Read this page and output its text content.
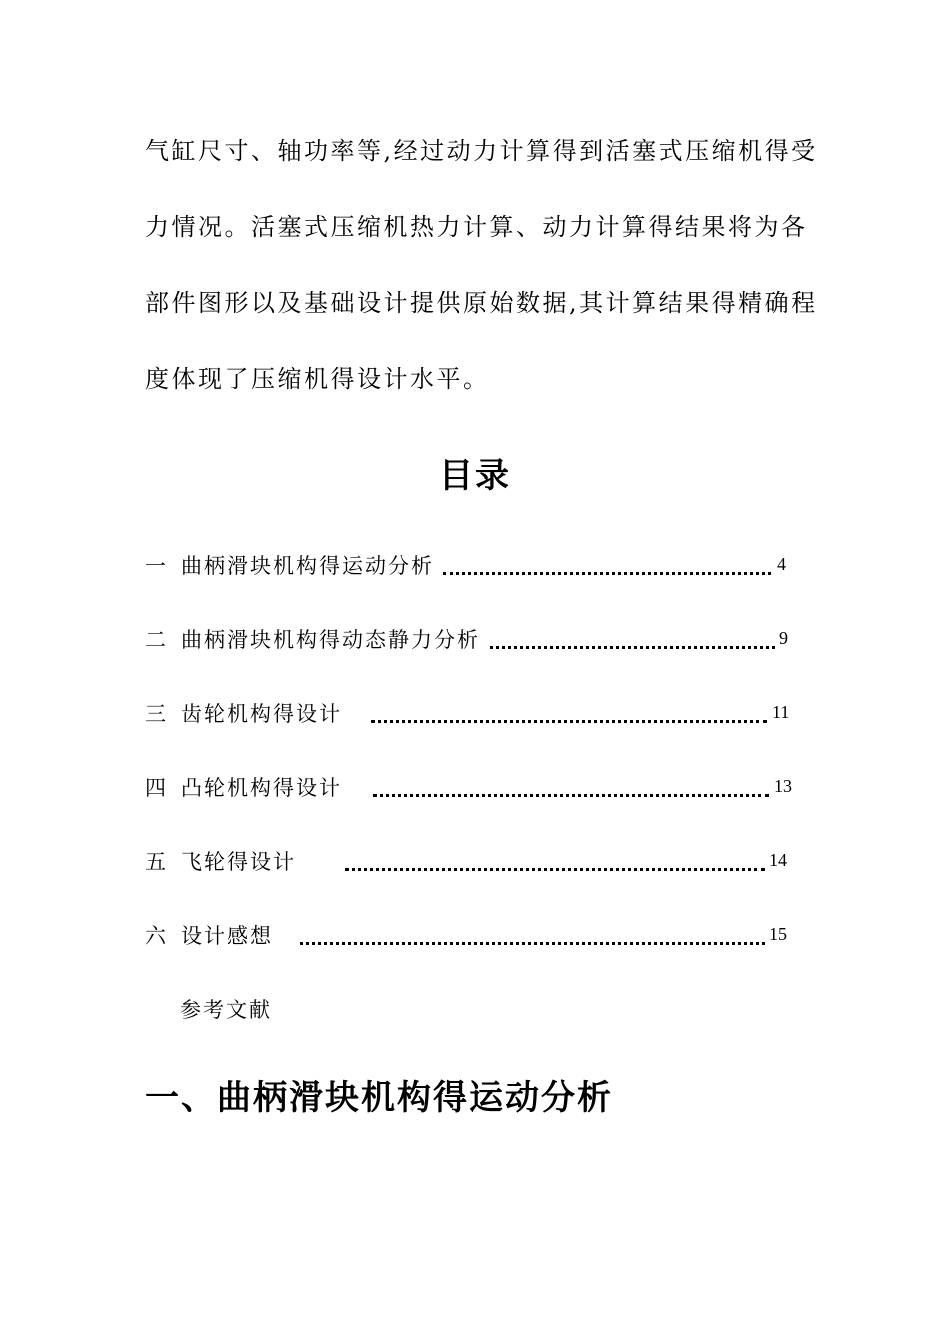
气缸尺寸、轴功率等,经过动力计算得到活塞式压缩机得受
力情况。活塞式压缩机热力计算、动力计算得结果将为各
部件图形以及基础设计提供原始数据,其计算结果得精确程
度体现了压缩机得设计水平。
目录
一 曲柄滑块机构得运动分析	4
二 曲柄滑块机构得动态静力分析	9
三 齿轮机构得设计	11
四 凸轮机构得设计	13
五 飞轮得设计	14
六 设计感想	15
参考文献
一、曲柄滑块机构得运动分析
